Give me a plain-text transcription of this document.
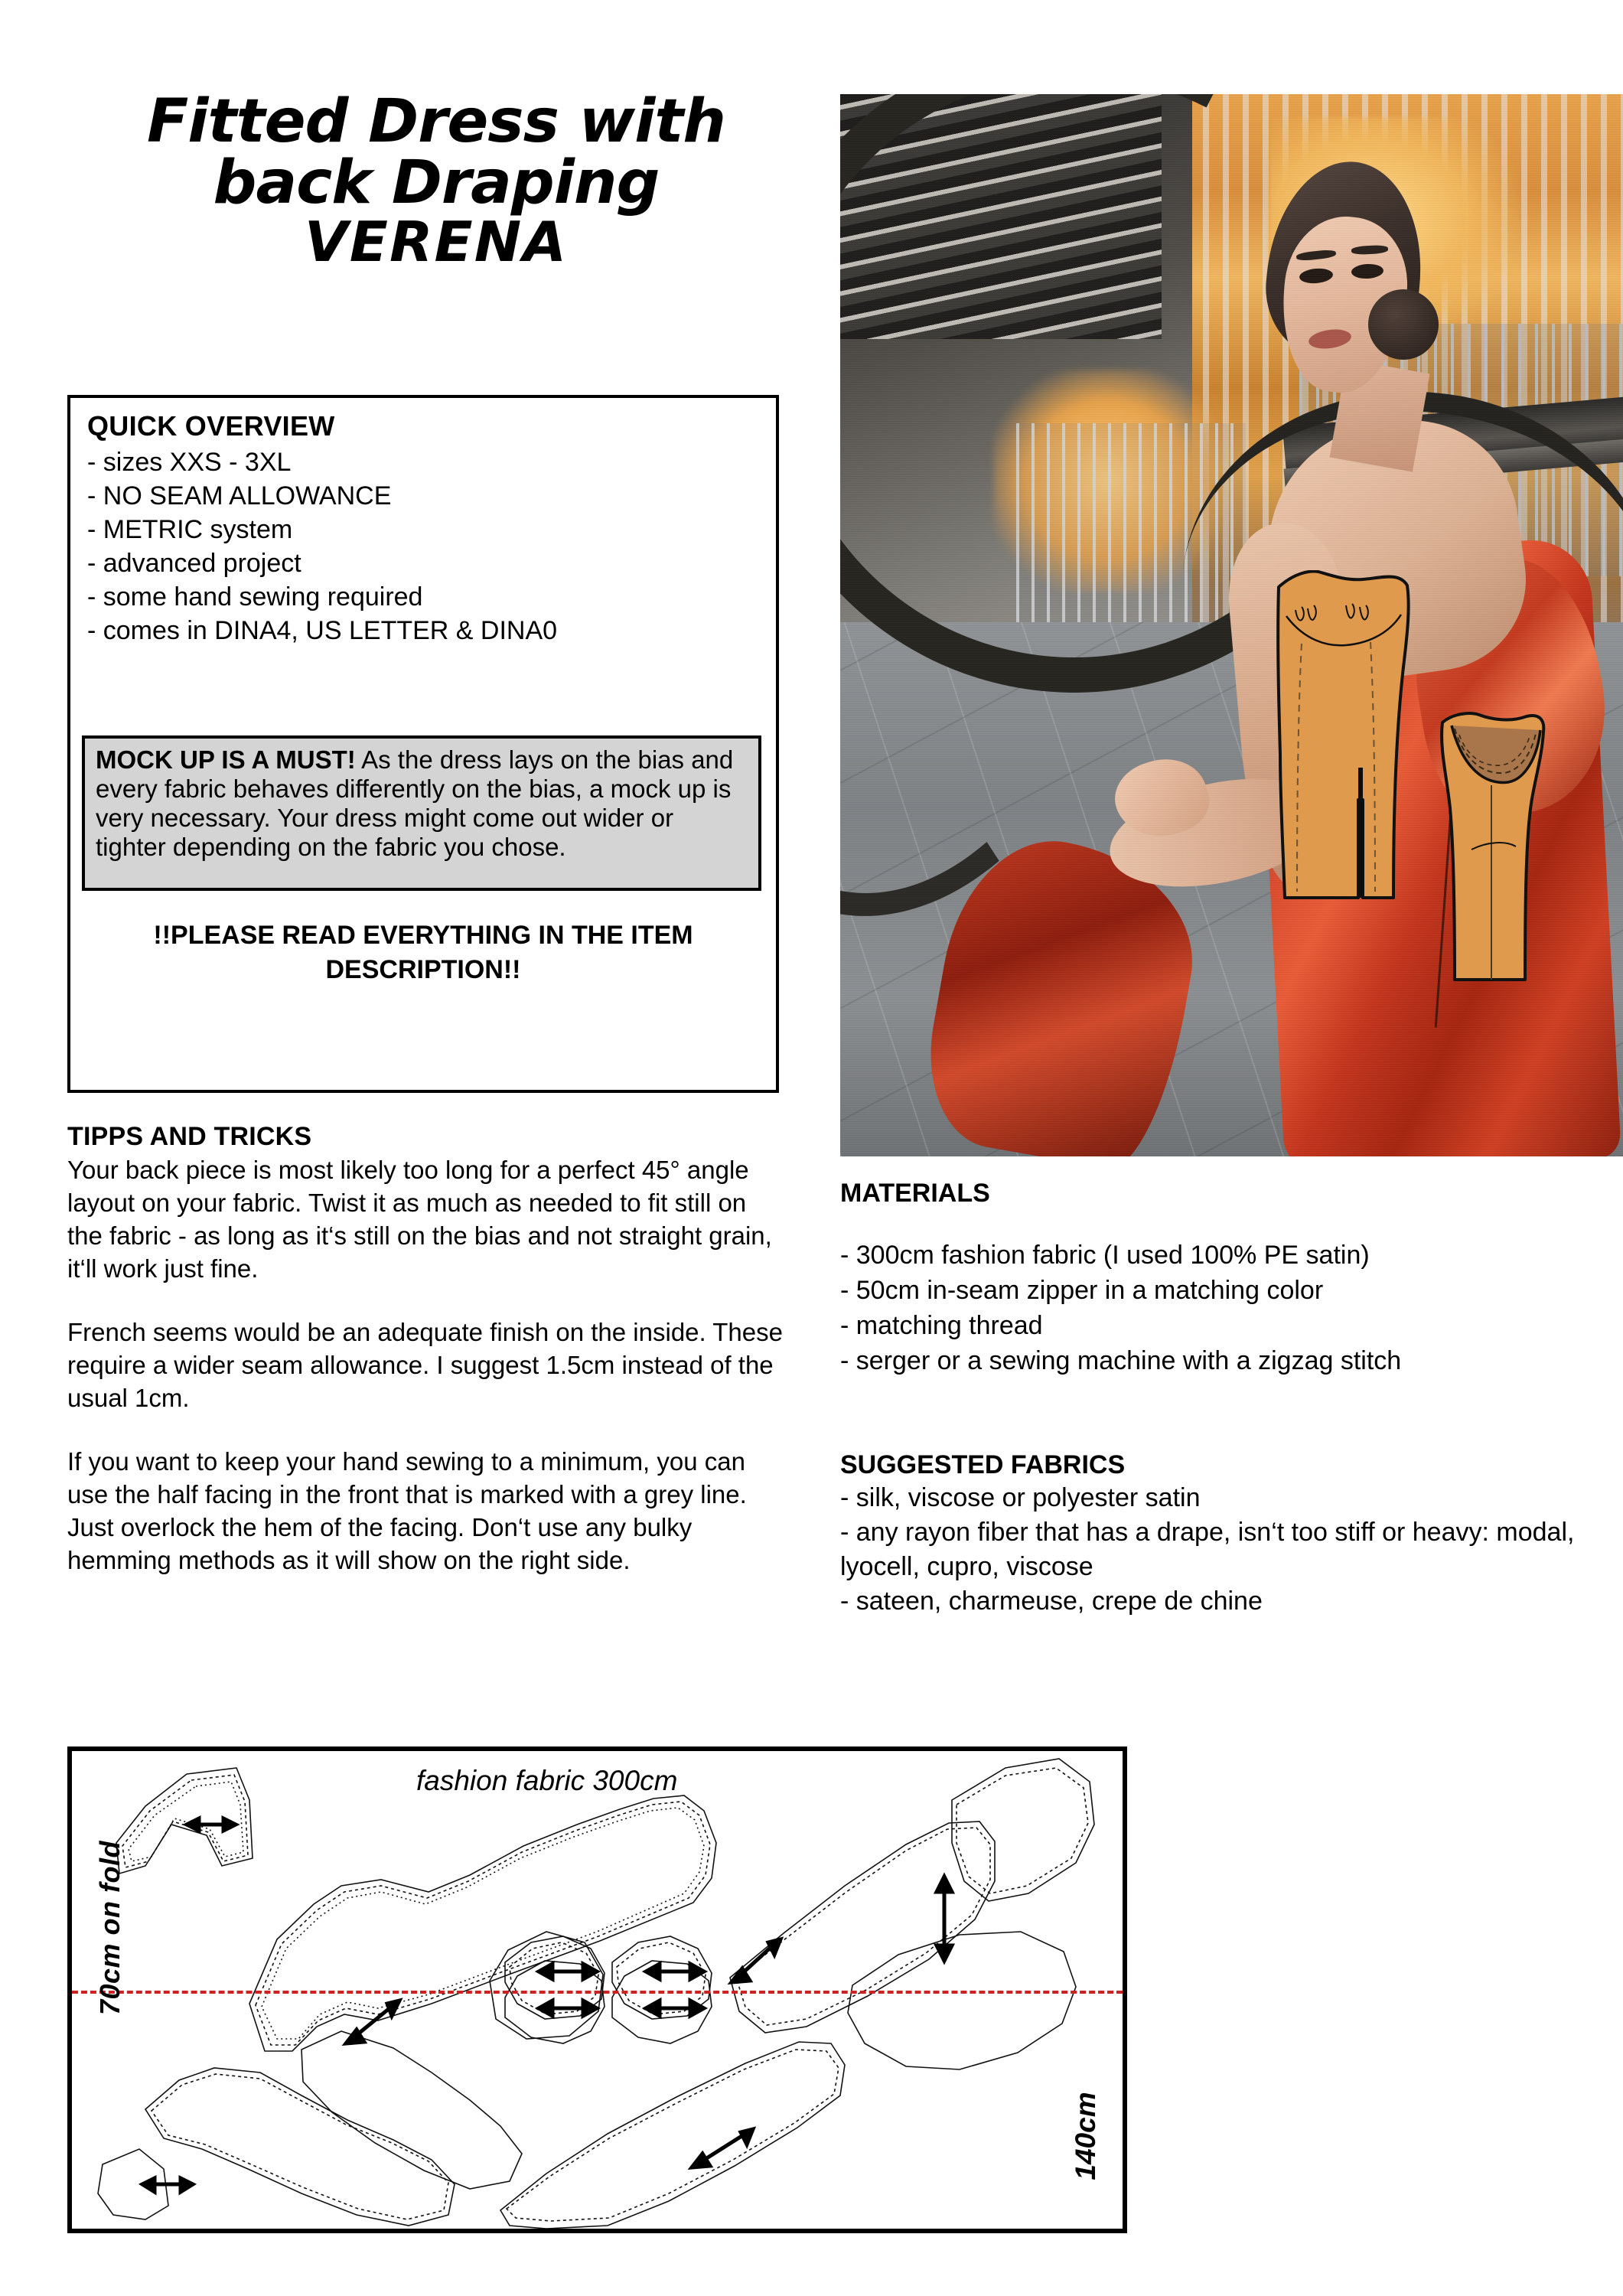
Fitted Dress with
back Draping
VERENA
QUICK OVERVIEW
- sizes XXS - 3XL
- NO SEAM ALLOWANCE
- METRIC system
- advanced project
- some hand sewing required
- comes in DINA4, US LETTER & DINA0
MOCK UP IS A MUST! As the dress lays on the bias and every fabric behaves differently on the bias, a mock up is very necessary. Your dress might come out wider or tighter depending on the fabric you chose.
!!PLEASE READ EVERYTHING IN THE ITEM DESCRIPTION!!
TIPPS AND TRICKS

Your back piece is most likely too long for a perfect 45° angle layout on your fabric. Twist it as much as needed to fit still on the fabric - as long as it‘s still on the bias and not straight grain, it‘ll work just fine.

French seems would be an adequate finish on the inside. These require a wider seam allowance. I suggest 1.5cm instead of the usual 1cm.

If you want to keep your hand sewing to a minimum, you can use the half facing in the front that is marked with a grey line. Just overlock the hem of the facing. Don‘t use any bulky hemming methods as it will show on the right side.

MATERIALS
- 300cm fashion fabric (I used 100% PE satin)
- 50cm in-seam zipper in a matching color
- matching thread
- serger or a sewing machine with a zigzag stitch
SUGGESTED FABRICS
- silk, viscose or polyester satin
- any rayon fiber that has a drape, isn‘t too stiff or heavy: modal, lyocell, cupro, viscose
- sateen, charmeuse, crepe de chine
70cm on fold
fashion fabric 300cm
140cm
